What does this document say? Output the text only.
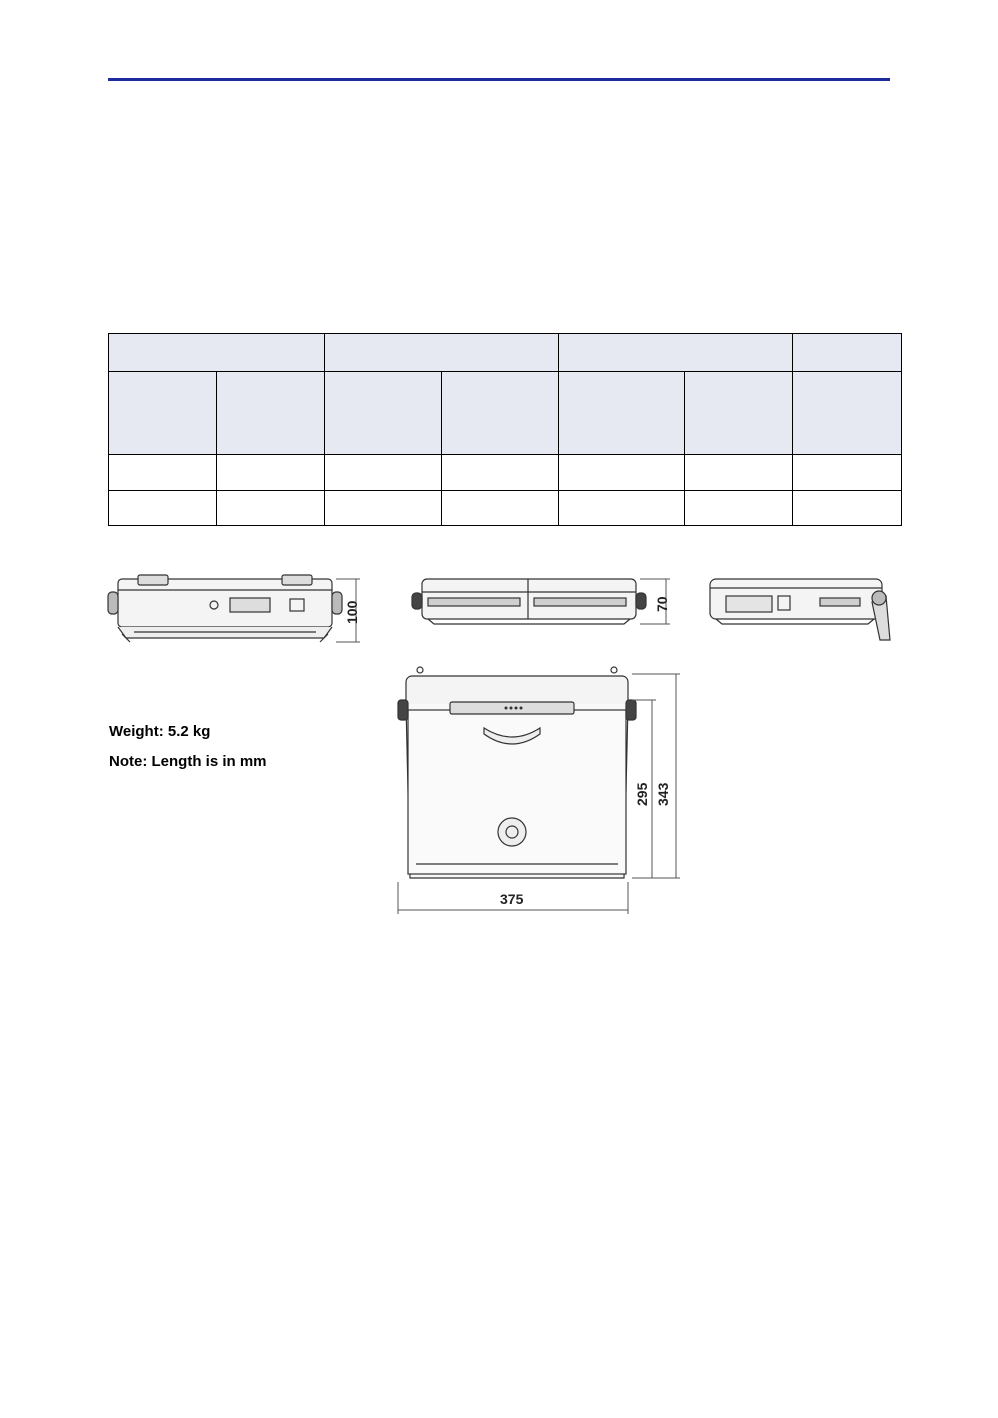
100	70
295 343
375
Weight: 5.2 kg
Note: Length is in mm
